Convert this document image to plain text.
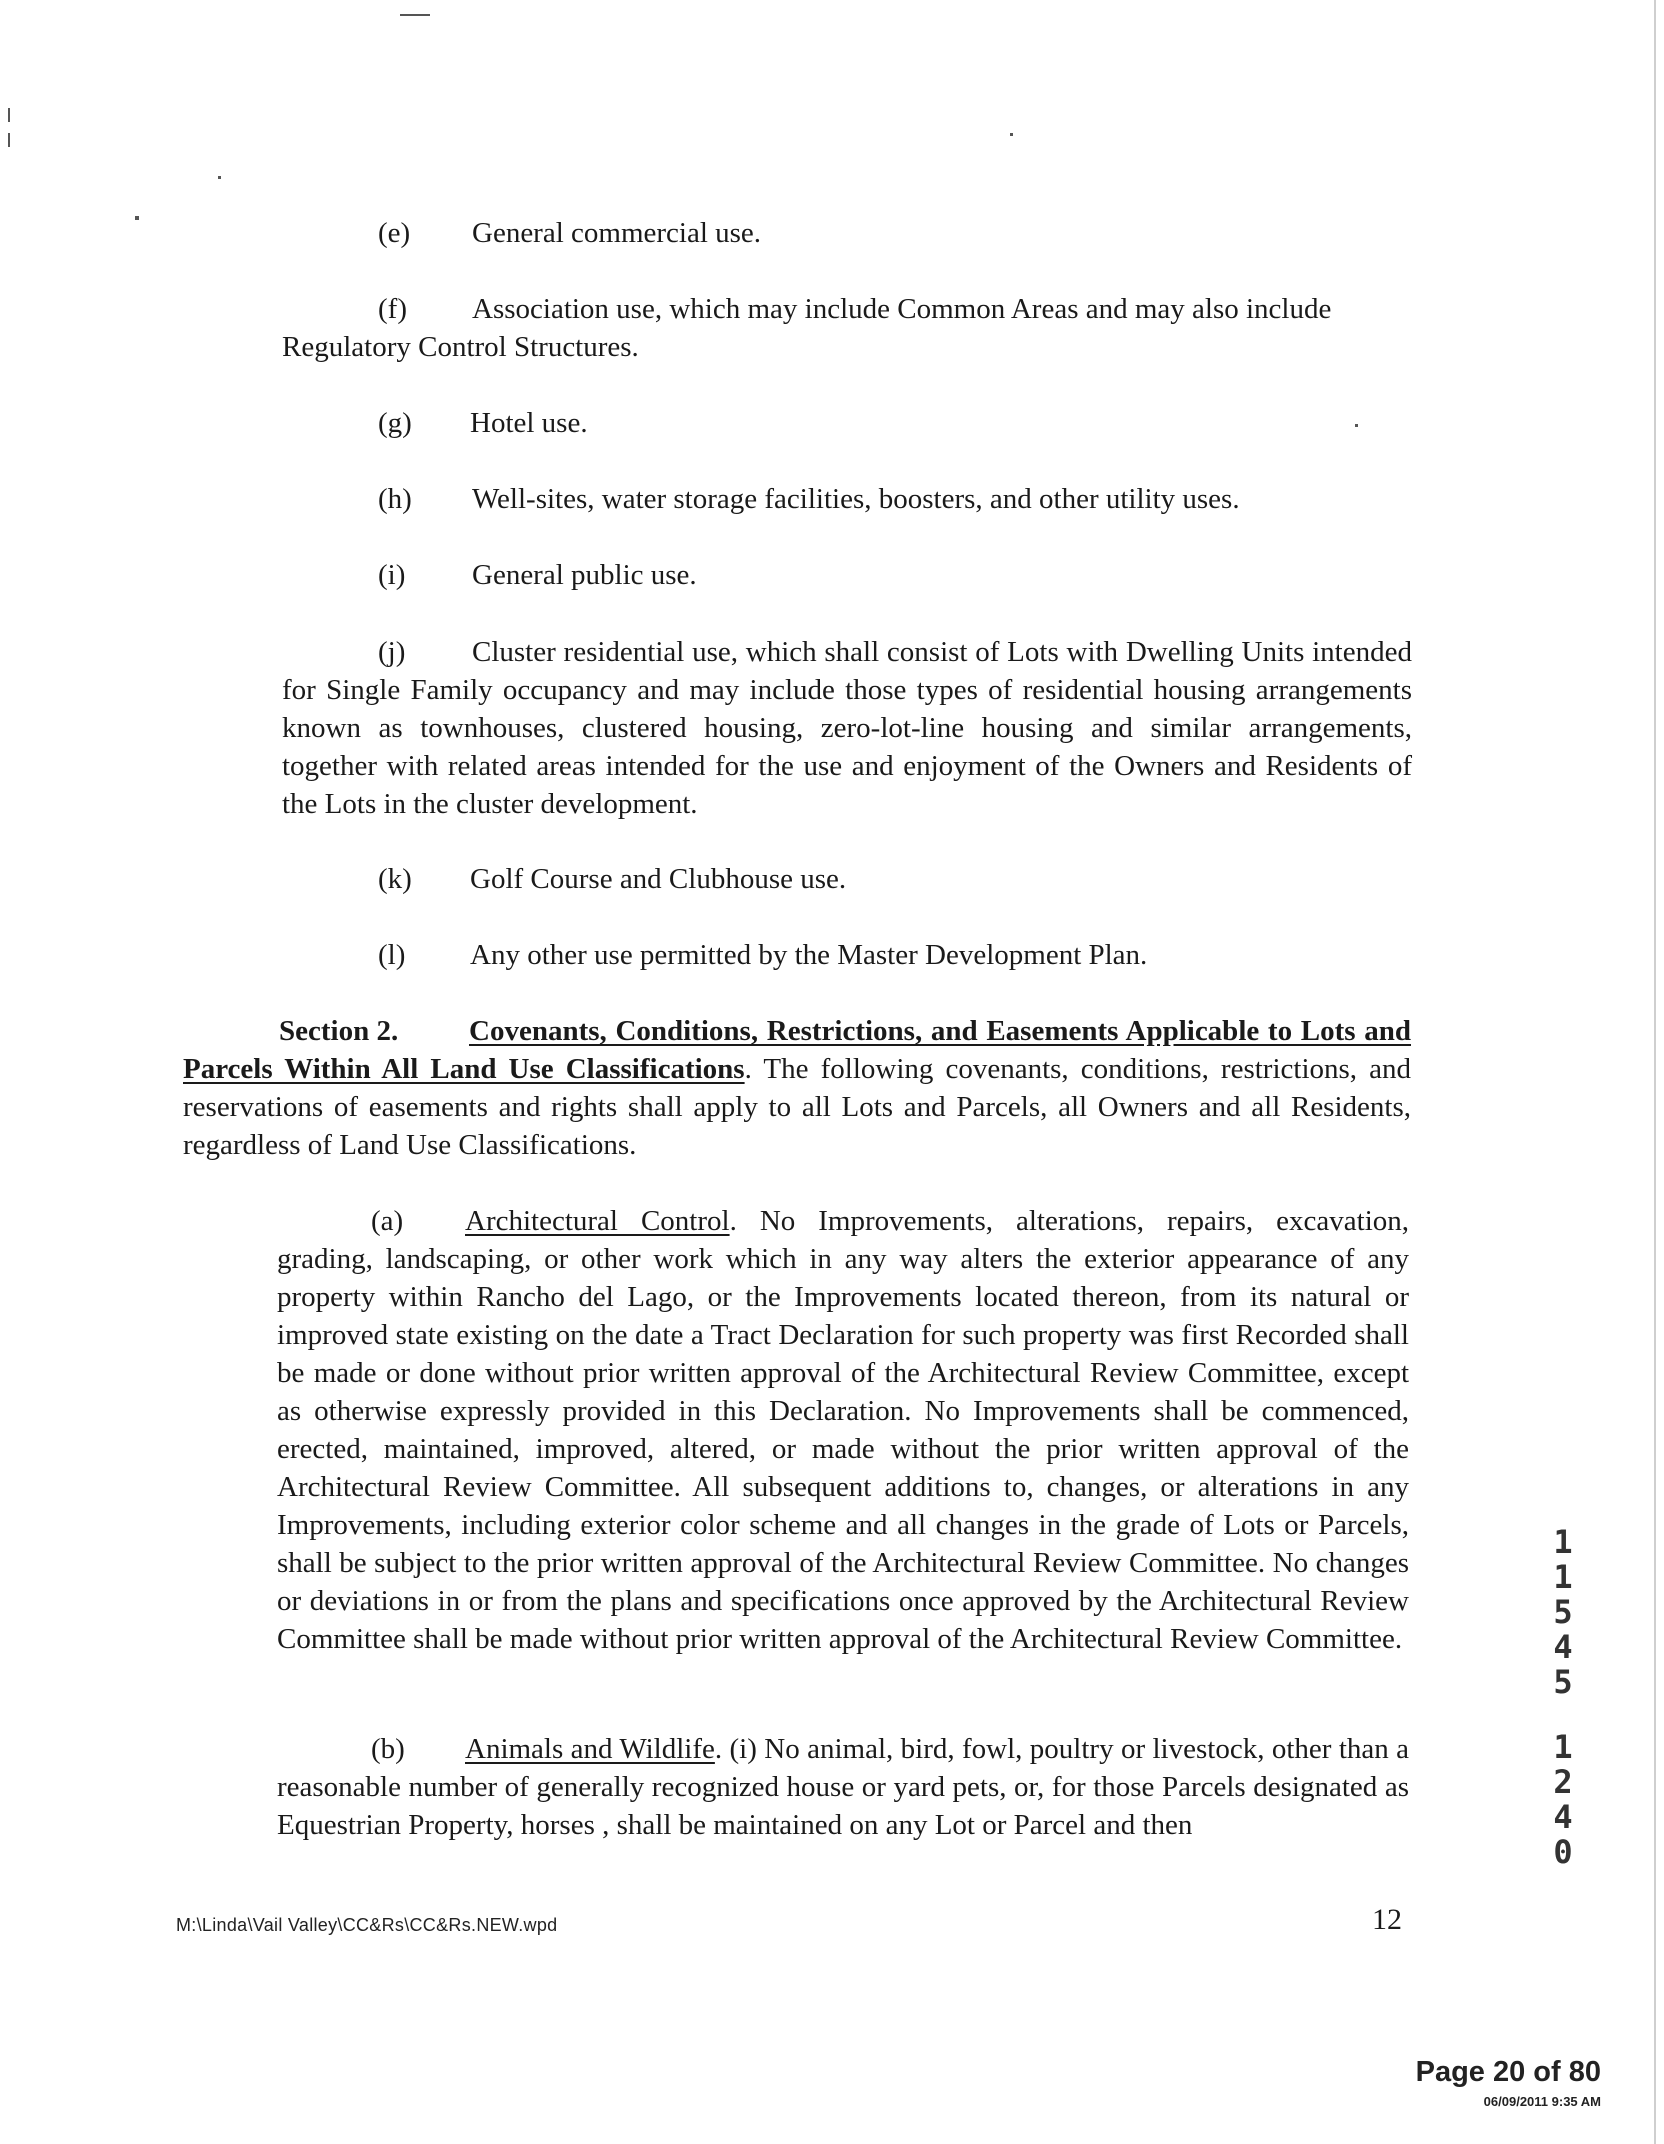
(e) General commercial use.
(f) Association use, which may include Common Areas and may also include
Regulatory Control Structures.
(g) Hotel use.
(h) Well-sites, water storage facilities, boosters, and other utility uses.
(i) General public use.
(j) Cluster residential use, which shall consist of Lots with Dwelling Units intended for Single Family occupancy and may include those types of residential housing arrangements known as townhouses, clustered housing, zero-lot-line housing and similar arrangements, together with related areas intended for the use and enjoyment of the Owners and Residents of the Lots in the cluster development.
(k) Golf Course and Clubhouse use.
(l) Any other use permitted by the Master Development Plan.
Section 2. Covenants, Conditions, Restrictions, and Easements Applicable to Lots and Parcels Within All Land Use Classifications. The following covenants, conditions, restrictions, and reservations of easements and rights shall apply to all Lots and Parcels, all Owners and all Residents, regardless of Land Use Classifications.
(a) Architectural Control. No Improvements, alterations, repairs, excavation, grading, landscaping, or other work which in any way alters the exterior appearance of any property within Rancho del Lago, or the Improvements located thereon, from its natural or improved state existing on the date a Tract Declaration for such property was first Recorded shall be made or done without prior written approval of the Architectural Review Committee, except as otherwise expressly provided in this Declaration. No Improvements shall be commenced, erected, maintained, improved, altered, or made without the prior written approval of the Architectural Review Committee. All subsequent additions to, changes, or alterations in any Improvements, including exterior color scheme and all changes in the grade of Lots or Parcels, shall be subject to the prior written approval of the Architectural Review Committee. No changes or deviations in or from the plans and specifications once approved by the Architectural Review Committee shall be made without prior written approval of the Architectural Review Committee.
(b) Animals and Wildlife. (i) No animal, bird, fowl, poultry or livestock, other than a reasonable number of generally recognized house or yard pets, or, for those Parcels designated as Equestrian Property, horses , shall be maintained on any Lot or Parcel and then
1
1
5
4
5
1
2
4
0
M:\Linda\Vail Valley\CC&Rs\CC&Rs.NEW.wpd	12
Page 20 of 80
06/09/2011 9:35 AM
